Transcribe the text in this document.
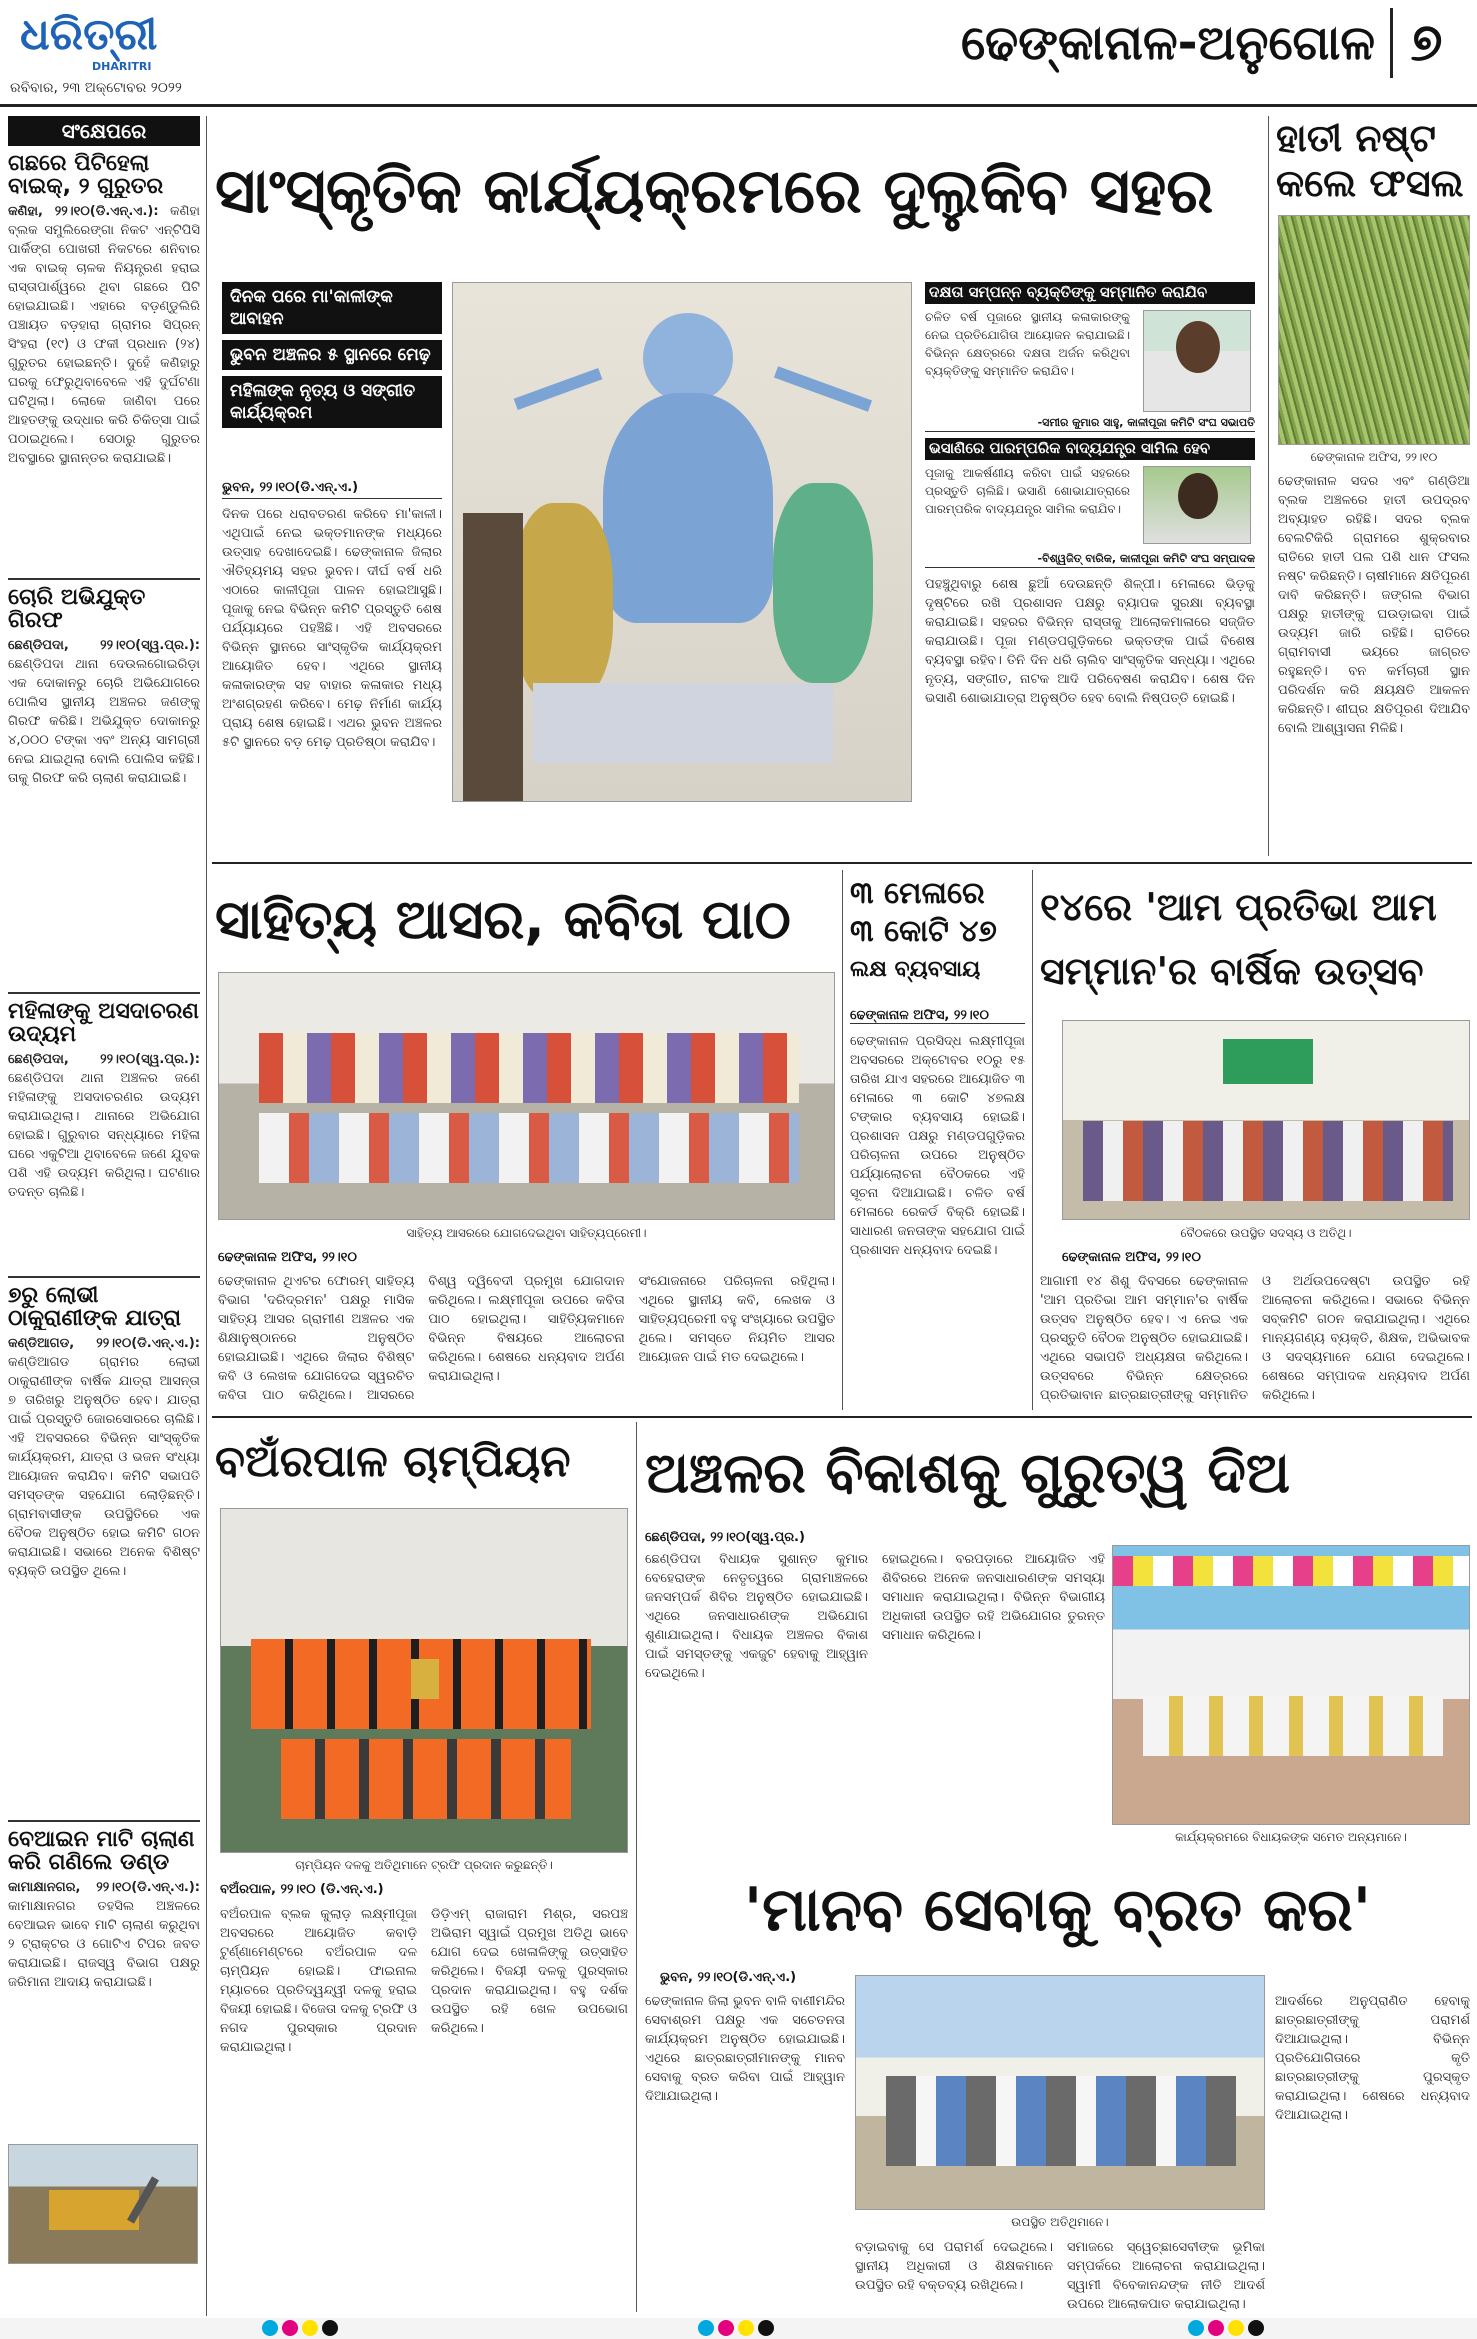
ଧରିତ୍ରୀ
DHARITRI
ରବିବାର, ୨୩ ଅକ୍ଟୋବର ୨୦୨୨
ଢେଙ୍କାନାଳ-ଅନୁଗୋଳ ୭
ସଂକ୍ଷେପରେ
ଗଛରେ ପିଟିହେଲା ବାଇକ୍, ୨ ଗୁରୁତର
କଣିହା, ୨୨।୧୦(ଡି.ଏନ୍.ଏ.): କଣିହା ବ୍ଲକ ସମୁଲିରେଙ୍ଗା ନିକଟ ଏନ୍‌ଟିପିସି ପାର୍କିଙ୍ଗ ପୋଖରୀ ନିକଟରେ ଶନିବାର ଏକ ବାଇକ୍ ଚାଳକ ନିୟନ୍ତ୍ରଣ ହରାଇ ରାସ୍ତାପାର୍ଶ୍ୱରେ ଥିବା ଗଛରେ ପିଟି ହୋଇଯାଇଛି। ଏହାରେ ବଡ଼ଣ୍ଡୁଲିରି ପଞ୍ଚାୟତ ବଡ଼ହାରା ଗ୍ରାମର ସିପ୍ରନ୍ ସିଂହରା (୧୯) ଓ ଫକୀ ପ୍ରଧାନ (୨୪) ଗୁରୁତର ହୋଇଛନ୍ତି। ଦୁହେଁ କଣିହାରୁ ଘରକୁ ଫେରୁଥିବାବେଳେ ଏହି ଦୁର୍ଘଟଣା ଘଟିଥିଲା। ଲୋକେ ଜାଣିବା ପରେ ଆହତଙ୍କୁ ଉଦ୍ଧାର କରି ଚିକିତ୍ସା ପାଇଁ ପଠାଇଥିଲେ। ସେଠାରୁ ଗୁରୁତର ଅବସ୍ଥାରେ ସ୍ଥାନାନ୍ତର କରାଯାଇଛି।
ଚୋରି ଅଭିଯୁକ୍ତ ଗିରଫ
ଛେଣ୍ଡିପଦା, ୨୨।୧୦(ସ୍ୱ.ପ୍ର.): ଛେଣ୍ଡିପଦା ଥାନା ଦେଉଲଗୋଇରିଡ଼ା ଏକ ଦୋକାନରୁ ଚୋରି ଅଭିଯୋଗରେ ପୋଲିସ ସ୍ଥାନୀୟ ଅଞ୍ଚଳର ଜଣଙ୍କୁ ଗିରଫ କରିଛି। ଅଭିଯୁକ୍ତ ଦୋକାନରୁ ୪,୦୦୦ ଟଙ୍କା ଏବଂ ଅନ୍ୟ ସାମଗ୍ରୀ ନେଇ ଯାଇଥିଲା ବୋଲି ପୋଲିସ କହିଛି। ତାକୁ ଗିରଫ କରି ଚାଲାଣ କରାଯାଇଛି।
ମହିଳାଙ୍କୁ ଅସଦାଚରଣ ଉଦ୍ୟମ
ଛେଣ୍ଡିପଦା, ୨୨।୧୦(ସ୍ୱ.ପ୍ର.): ଛେଣ୍ଡିପଦା ଥାନା ଅଞ୍ଚଳର ଜଣେ ମହିଳାଙ୍କୁ ଅସଦାଚରଣର ଉଦ୍ୟମ କରାଯାଇଥିଲା। ଥାନାରେ ଅଭିଯୋଗ ହୋଇଛି। ଗୁରୁବାର ସନ୍ଧ୍ୟାରେ ମହିଳା ଘରେ ଏକୁଟିଆ ଥିବାବେଳେ ଜଣେ ଯୁବକ ପଶି ଏହି ଉଦ୍ୟମ କରିଥିଲା। ଘଟଣାର ତଦନ୍ତ ଚାଲିଛି।
୭ରୁ ଲୋଭୀ ଠାକୁରାଣୀଙ୍କ ଯାତ୍ରା
କଣ୍ଡିଆଗଡ, ୨୨।୧୦(ଡି.ଏନ୍.ଏ.): କଣ୍ଡିଆଗଡ ଗ୍ରାମର ଲୋଭୀ ଠାକୁରାଣୀଙ୍କ ବାର୍ଷିକ ଯାତ୍ରା ଆସନ୍ତା ୭ ତାରିଖରୁ ଅନୁଷ୍ଠିତ ହେବ। ଯାତ୍ରା ପାଇଁ ପ୍ରସ୍ତୁତି ଜୋରସୋରରେ ଚାଲିଛି। ଏହି ଅବସରରେ ବିଭିନ୍ନ ସାଂସ୍କୃତିକ କାର୍ଯ୍ୟକ୍ରମ, ଯାତ୍ରା ଓ ଭଜନ ସଂଧ୍ୟା ଆୟୋଜନ କରାଯିବ। କମିଟି ସଭାପତି ସମସ୍ତଙ୍କ ସହଯୋଗ ଲୋଡ଼ିଛନ୍ତି। ଗ୍ରାମବାସୀଙ୍କ ଉପସ୍ଥିତିରେ ଏକ ବୈଠକ ଅନୁଷ୍ଠିତ ହୋଇ କମିଟି ଗଠନ କରାଯାଇଛି। ସଭାରେ ଅନେକ ବିଶିଷ୍ଟ ବ୍ୟକ୍ତି ଉପସ୍ଥିତ ଥିଲେ।
ବେଆଇନ ମାଟି ଚାଲାଣ କରି ଗଣିଲେ ଡଣ୍ଡ
କାମାକ୍ଷାନଗର, ୨୨।୧୦(ଡି.ଏନ୍.ଏ.): କାମାକ୍ଷାନଗର ତହସିଲ ଅଞ୍ଚଳରେ ବେଆଇନ ଭାବେ ମାଟି ଚାଲାଣ କରୁଥିବା ୨ ଟ୍ରାକ୍ଟର ଓ ଗୋଟିଏ ଟିପର ଜବତ କରାଯାଇଛି। ରାଜସ୍ୱ ବିଭାଗ ପକ୍ଷରୁ ଜରିମାନା ଆଦାୟ କରାଯାଇଛି।
ସାଂସ୍କୃତିକ କାର୍ଯ୍ୟକ୍ରମରେ ଦୁଲୁକିବ ସହର
ଦିନକ ପରେ ମା'କାଳୀଙ୍କ ଆବାହନ
ଭୁବନ ଅଞ୍ଚଳର ୫ ସ୍ଥାନରେ ମେଢ଼
ମହିଳାଙ୍କ ନୃତ୍ୟ ଓ ସଙ୍ଗୀତ କାର୍ଯ୍ୟକ୍ରମ
ଭୁବନ, ୨୨।୧୦(ଡି.ଏନ୍.ଏ.)
ଦିନକ ପରେ ଧରାବତରଣ କରିବେ ମା'କାଳୀ। ଏଥିପାଇଁ ନେଇ ଭକ୍ତମାନଙ୍କ ମଧ୍ୟରେ ଉତ୍ସାହ ଦେଖାଦେଇଛି। ଢେଙ୍କାନାଳ ଜିଲାର ଐତିହ୍ୟମୟ ସହର ଭୁବନ। ଦୀର୍ଘ ବର୍ଷ ଧରି ଏଠାରେ କାଳୀପୂଜା ପାଳନ ହୋଇଆସୁଛି। ପୂଜାକୁ ନେଇ ବିଭିନ୍ନ କମିଟି ପ୍ରସ୍ତୁତି ଶେଷ ପର୍ଯ୍ୟାୟରେ ପହଞ୍ଚିଛି। ଏହି ଅବସରରେ ବିଭିନ୍ନ ସ୍ଥାନରେ ସାଂସ୍କୃତିକ କାର୍ଯ୍ୟକ୍ରମ ଆୟୋଜିତ ହେବ। ଏଥିରେ ସ୍ଥାନୀୟ କଳାକାରଙ୍କ ସହ ବାହାର କଳାକାର ମଧ୍ୟ ଅଂଶଗ୍ରହଣ କରିବେ। ମେଢ଼ ନିର୍ମାଣ କାର୍ଯ୍ୟ ପ୍ରାୟ ଶେଷ ହୋଇଛି। ଏଥର ଭୁବନ ଅଞ୍ଚଳର ୫ଟି ସ୍ଥାନରେ ବଡ଼ ମେଢ଼ ପ୍ରତିଷ୍ଠା କରାଯିବ।
ଦକ୍ଷତା ସମ୍ପନ୍ନ ବ୍ୟକ୍ତିଙ୍କୁ ସମ୍ମାନିତ କରାଯିବ
ଚଳିତ ବର୍ଷ ପୂଜାରେ ସ୍ଥାନୀୟ କଳାକାରଙ୍କୁ ନେଇ ପ୍ରତିଯୋଗିତା ଆୟୋଜନ କରାଯାଇଛି। ବିଭିନ୍ନ କ୍ଷେତ୍ରରେ ଦକ୍ଷତା ଅର୍ଜନ କରିଥିବା ବ୍ୟକ୍ତିଙ୍କୁ ସମ୍ମାନିତ କରାଯିବ।
-ସମୀର କୁମାର ସାହୁ, କାଳୀପୂଜା କମିଟି ସଂଘ ସଭାପତି
ଭସାଣିରେ ପାରମ୍ପରିକ ବାଦ୍ୟଯନ୍ତ୍ର ସାମିଲ ହେବ
ପୂଜାକୁ ଆକର୍ଷଣୀୟ କରିବା ପାଇଁ ସହରରେ ପ୍ରସ୍ତୁତି ଚାଲିଛି। ଭସାଣି ଶୋଭାଯାତ୍ରାରେ ପାରମ୍ପରିକ ବାଦ୍ୟଯନ୍ତ୍ର ସାମିଲ କରାଯିବ।
-ବିଶ୍ୱଜିତ୍ ବାରିକ, କାଳୀପୂଜା କମିଟି ସଂଘ ସମ୍ପାଦକ
ପହଞ୍ଚୁଥିବାରୁ ଶେଷ ଛୁଆଁ ଦେଉଛନ୍ତି ଶିଳ୍ପୀ। ମେଳାରେ ଭିଡ଼କୁ ଦୃଷ୍ଟିରେ ରଖି ପ୍ରଶାସନ ପକ୍ଷରୁ ବ୍ୟାପକ ସୁରକ୍ଷା ବ୍ୟବସ୍ଥା କରାଯାଇଛି। ସହରର ବିଭିନ୍ନ ରାସ୍ତାକୁ ଆଲୋକମାଳାରେ ସଜ୍ଜିତ କରାଯାଉଛି। ପୂଜା ମଣ୍ଡପଗୁଡ଼ିକରେ ଭକ୍ତଙ୍କ ପାଇଁ ବିଶେଷ ବ୍ୟବସ୍ଥା ରହିବ। ତିନି ଦିନ ଧରି ଚାଲିବ ସାଂସ୍କୃତିକ ସନ୍ଧ୍ୟା। ଏଥିରେ ନୃତ୍ୟ, ସଙ୍ଗୀତ, ନାଟକ ଆଦି ପରିବେଷଣ କରାଯିବ। ଶେଷ ଦିନ ଭସାଣି ଶୋଭାଯାତ୍ରା ଅନୁଷ୍ଠିତ ହେବ ବୋଲି ନିଷ୍ପତ୍ତି ହୋଇଛି।
ହାତୀ ନଷ୍ଟ
କଲେ ଫସଲ
ଢେଙ୍କାନାଳ ଅଫିସ, ୨୨।୧୦
ଢେଙ୍କାନାଳ ସଦର ଏବଂ ଗଣ୍ଡିଆ ବ୍ଲକ ଅଞ୍ଚଳରେ ହାତୀ ଉପଦ୍ରବ ଅବ୍ୟାହତ ରହିଛି। ସଦର ବ୍ଲକ ବେଲଟିକିରି ଗ୍ରାମରେ ଶୁକ୍ରବାର ରାତିରେ ହାତୀ ପଲ ପଶି ଧାନ ଫସଲ ନଷ୍ଟ କରିଛନ୍ତି। ଚାଷୀମାନେ କ୍ଷତିପୂରଣ ଦାବି କରିଛନ୍ତି। ଜଙ୍ଗଲ ବିଭାଗ ପକ୍ଷରୁ ହାତୀଙ୍କୁ ଘଉଡ଼ାଇବା ପାଇଁ ଉଦ୍ୟମ ଜାରି ରହିଛି। ରାତିରେ ଗ୍ରାମବାସୀ ଭୟରେ ଜାଗ୍ରତ ରହୁଛନ୍ତି। ବନ କର୍ମଚାରୀ ସ୍ଥାନ ପରିଦର୍ଶନ କରି କ୍ଷୟକ୍ଷତି ଆକଳନ କରିଛନ୍ତି। ଶୀଘ୍ର କ୍ଷତିପୂରଣ ଦିଆଯିବ ବୋଲି ଆଶ୍ୱାସନା ମିଳିଛି।
ସାହିତ୍ୟ ଆସର, କବିତା ପାଠ
ସାହିତ୍ୟ ଆସରରେ ଯୋଗଦେଇଥିବା ସାହିତ୍ୟପ୍ରେମୀ।
ଢେଙ୍କାନାଳ ଅଫିସ, ୨୨।୧୦
ଢେଙ୍କାନାଳ ଥିଏଟର ଫୋରମ୍ ସାହିତ୍ୟ ବିଭାଗ 'ଦରିଦ୍ରମନ' ପକ୍ଷରୁ ମାସିକ ସାହିତ୍ୟ ଆସର ଗ୍ରାମୀଣ ଅଞ୍ଚଳର ଏକ ଶିକ୍ଷାନୁଷ୍ଠାନରେ ଅନୁଷ୍ଠିତ ହୋଇଯାଇଛି। ଏଥିରେ ଜିଲାର ବିଶିଷ୍ଟ କବି ଓ ଲେଖକ ଯୋଗଦେଇ ସ୍ୱରଚିତ କବିତା ପାଠ କରିଥିଲେ। ଆସରରେ
ବିଶ୍ୱ ଦ୍ୱିବେଦୀ ପ୍ରମୁଖ ଯୋଗଦାନ କରିଥିଲେ। ଲକ୍ଷ୍ମୀପୂଜା ଉପରେ କବିତା ପାଠ ହୋଇଥିଲା। ସାହିତ୍ୟିକମାନେ ବିଭିନ୍ନ ବିଷୟରେ ଆଲୋଚନା କରିଥିଲେ। ଶେଷରେ ଧନ୍ୟବାଦ ଅର୍ପଣ କରାଯାଇଥିଲା।
ସଂଯୋଜନାରେ ପରିଚାଳନା ରହିଥିଲା। ଏଥିରେ ସ୍ଥାନୀୟ କବି, ଲେଖକ ଓ ସାହିତ୍ୟପ୍ରେମୀ ବହୁ ସଂଖ୍ୟାରେ ଉପସ୍ଥିତ ଥିଲେ। ସମସ୍ତେ ନିୟମିତ ଆସର ଆୟୋଜନ ପାଇଁ ମତ ଦେଇଥିଲେ।
୩ ମେଳାରେ
୩ କୋଟି ୪୭
ଲକ୍ଷ ବ୍ୟବସାୟ
ଢେଙ୍କାନାଳ ଅଫିସ, ୨୨।୧୦
ଢେଙ୍କାନାଳ ପ୍ରସିଦ୍ଧ ଲକ୍ଷ୍ମୀପୂଜା ଅବସରରେ ଅକ୍ଟୋବର ୧୦ରୁ ୧୫ ତାରିଖ ଯାଏ ସହରରେ ଆୟୋଜିତ ୩ ମେଳାରେ ୩ କୋଟି ୪୭ଲକ୍ଷ ଟଙ୍କାର ବ୍ୟବସାୟ ହୋଇଛି। ପ୍ରଶାସନ ପକ୍ଷରୁ ମଣ୍ଡପଗୁଡ଼ିକର ପରିଚାଳନା ଉପରେ ଅନୁଷ୍ଠିତ ପର୍ଯ୍ୟାଲୋଚନା ବୈଠକରେ ଏହି ସୂଚନା ଦିଆଯାଇଛି। ଚଳିତ ବର୍ଷ ମେଳାରେ ରେକର୍ଡ ବିକ୍ରି ହୋଇଛି। ସାଧାରଣ ଜନତାଙ୍କ ସହଯୋଗ ପାଇଁ ପ୍ରଶାସନ ଧନ୍ୟବାଦ ଦେଇଛି।
୧୪ରେ 'ଆମ ପ୍ରତିଭା ଆମ
ସମ୍ମାନ'ର ବାର୍ଷିକ ଉତ୍ସବ
ବୈଠକରେ ଉପସ୍ଥିତ ସଦସ୍ୟ ଓ ଅତିଥି।
ଢେଙ୍କାନାଳ ଅଫିସ, ୨୨।୧୦
ଆଗାମୀ ୧୪ ଶିଶୁ ଦିବସରେ ଢେଙ୍କାନାଳ 'ଆମ ପ୍ରତିଭା ଆମ ସମ୍ମାନ'ର ବାର୍ଷିକ ଉତ୍ସବ ଅନୁଷ୍ଠିତ ହେବ। ଏ ନେଇ ଏକ ପ୍ରସ୍ତୁତି ବୈଠକ ଅନୁଷ୍ଠିତ ହୋଇଯାଇଛି। ଏଥିରେ ସଭାପତି ଅଧ୍ୟକ୍ଷତା କରିଥିଲେ। ଉତ୍ସବରେ ବିଭିନ୍ନ କ୍ଷେତ୍ରରେ ପ୍ରତିଭାବାନ ଛାତ୍ରଛାତ୍ରୀଙ୍କୁ ସମ୍ମାନିତ
ଓ ଅର୍ଥଉପଦେଷ୍ଟା ଉପସ୍ଥିତ ରହି ଆଲୋଚନା କରିଥିଲେ। ସଭାରେ ବିଭିନ୍ନ ସବ୍‌କମିଟି ଗଠନ କରାଯାଇଥିଲା। ଏଥିରେ ମାନ୍ୟଗଣ୍ୟ ବ୍ୟକ୍ତି, ଶିକ୍ଷକ, ଅଭିଭାବକ ଓ ସଦସ୍ୟମାନେ ଯୋଗ ଦେଇଥିଲେ। ଶେଷରେ ସମ୍ପାଦକ ଧନ୍ୟବାଦ ଅର୍ପଣ କରିଥିଲେ।
ବଅଁରପାଳ ଚାମ୍ପିୟନ
ଚାମ୍ପିୟନ ଦଳକୁ ଅତିଥିମାନେ ଟ୍ରଫି ପ୍ରଦାନ କରୁଛନ୍ତି।
ବଅଁରପାଳ, ୨୨।୧୦ (ଡି.ଏନ୍.ଏ.)
ବଅଁରପାଳ ବ୍ଲକ କୁଲାଡ଼ ଲକ୍ଷ୍ମୀପୂଜା ଅବସରରେ ଆୟୋଜିତ କବାଡ଼ି ଟୁର୍ଣ୍ଣାମେଣ୍ଟରେ ବଅଁରପାଳ ଦଳ ଚାମ୍ପିୟନ ହୋଇଛି। ଫାଇନାଲ ମ୍ୟାଚରେ ପ୍ରତିଦ୍ୱନ୍ଦ୍ୱୀ ଦଳକୁ ହରାଇ ବିଜୟୀ ହୋଇଛି। ବିଜେତା ଦଳକୁ ଟ୍ରଫି ଓ ନଗଦ ପୁରସ୍କାର ପ୍ରଦାନ କରାଯାଇଥିଲା।
ଡିଡ଼ିଏମ୍ ରାଜାରାମ ମିଶ୍ର, ସରପଞ୍ଚ ଅଭିରାମ ସ୍ୱାଇଁ ପ୍ରମୁଖ ଅତିଥି ଭାବେ ଯୋଗ ଦେଇ ଖେଳାଳିଙ୍କୁ ଉତ୍ସାହିତ କରିଥିଲେ। ବିଜୟୀ ଦଳକୁ ପୁରସ୍କାର ପ୍ରଦାନ କରାଯାଇଥିଲା। ବହୁ ଦର୍ଶକ ଉପସ୍ଥିତ ରହି ଖେଳ ଉପଭୋଗ କରିଥିଲେ।
ଅଞ୍ଚଳର ବିକାଶକୁ ଗୁରୁତ୍ୱ ଦିଅ
ଛେଣ୍ଡିପଦା, ୨୨।୧୦(ସ୍ୱ.ପ୍ର.)
ଛେଣ୍ଡିପଦା ବିଧାୟକ ସୁଶାନ୍ତ କୁମାର ବେହେରାଙ୍କ ନେତୃତ୍ୱରେ ଗ୍ରାମାଞ୍ଚଳରେ ଜନସମ୍ପର୍କ ଶିବିର ଅନୁଷ୍ଠିତ ହୋଇଯାଇଛି। ଏଥିରେ ଜନସାଧାରଣଙ୍କ ଅଭିଯୋଗ ଶୁଣାଯାଇଥିଲା। ବିଧାୟକ ଅଞ୍ଚଳର ବିକାଶ ପାଇଁ ସମସ୍ତଙ୍କୁ ଏକଜୁଟ ହେବାକୁ ଆହ୍ୱାନ ଦେଇଥିଲେ।
ହୋଇଥିଲେ। ବରପଡ଼ାରେ ଆୟୋଜିତ ଏହି ଶିବିରରେ ଅନେକ ଜନସାଧାରଣଙ୍କ ସମସ୍ୟା ସମାଧାନ କରାଯାଇଥିଲା। ବିଭିନ୍ନ ବିଭାଗୀୟ ଅଧିକାରୀ ଉପସ୍ଥିତ ରହି ଅଭିଯୋଗର ତୁରନ୍ତ ସମାଧାନ କରିଥିଲେ।
କାର୍ଯ୍ୟକ୍ରମରେ ବିଧାୟକଙ୍କ ସମେତ ଅନ୍ୟମାନେ।
'ମାନବ ସେବାକୁ ବ୍ରତ କର'
ଭୁବନ, ୨୨।୧୦(ଡି.ଏନ୍.ଏ.)
ଢେଙ୍କାନାଳ ଜିଲା ଭୁବନ ବାଳି ବାଣୀମନ୍ଦିର ସେବାଶ୍ରମ ପକ୍ଷରୁ ଏକ ସଚେତନତା କାର୍ଯ୍ୟକ୍ରମ ଅନୁଷ୍ଠିତ ହୋଇଯାଇଛି। ଏଥିରେ ଛାତ୍ରଛାତ୍ରୀମାନଙ୍କୁ ମାନବ ସେବାକୁ ବ୍ରତ କରିବା ପାଇଁ ଆହ୍ୱାନ ଦିଆଯାଇଥିଲା।
ଉପସ୍ଥିତ ଅତିଥିମାନେ।
ବଡ଼ାଇବାକୁ ସେ ପରାମର୍ଶ ଦେଇଥିଲେ। ସ୍ଥାନୀୟ ଅଧିକାରୀ ଓ ଶିକ୍ଷକମାନେ ଉପସ୍ଥିତ ରହି ବକ୍ତବ୍ୟ ରଖିଥିଲେ।
ସମାଜରେ ସ୍ୱେଚ୍ଛାସେବୀଙ୍କ ଭୂମିକା ସମ୍ପର୍କରେ ଆଲୋଚନା କରାଯାଇଥିଲା। ସ୍ୱାମୀ ବିବେକାନନ୍ଦଙ୍କ ନୀତି ଆଦର୍ଶ ଉପରେ ଆଲୋକପାତ କରାଯାଇଥିଲା।
ଆଦର୍ଶରେ ଅନୁପ୍ରାଣିତ ହେବାକୁ ଛାତ୍ରଛାତ୍ରୀଙ୍କୁ ପରାମର୍ଶ ଦିଆଯାଇଥିଲା। ବିଭିନ୍ନ ପ୍ରତିଯୋଗିତାରେ କୃତି ଛାତ୍ରଛାତ୍ରୀଙ୍କୁ ପୁରସ୍କୃତ କରାଯାଇଥିଲା। ଶେଷରେ ଧନ୍ୟବାଦ ଦିଆଯାଇଥିଲା।
